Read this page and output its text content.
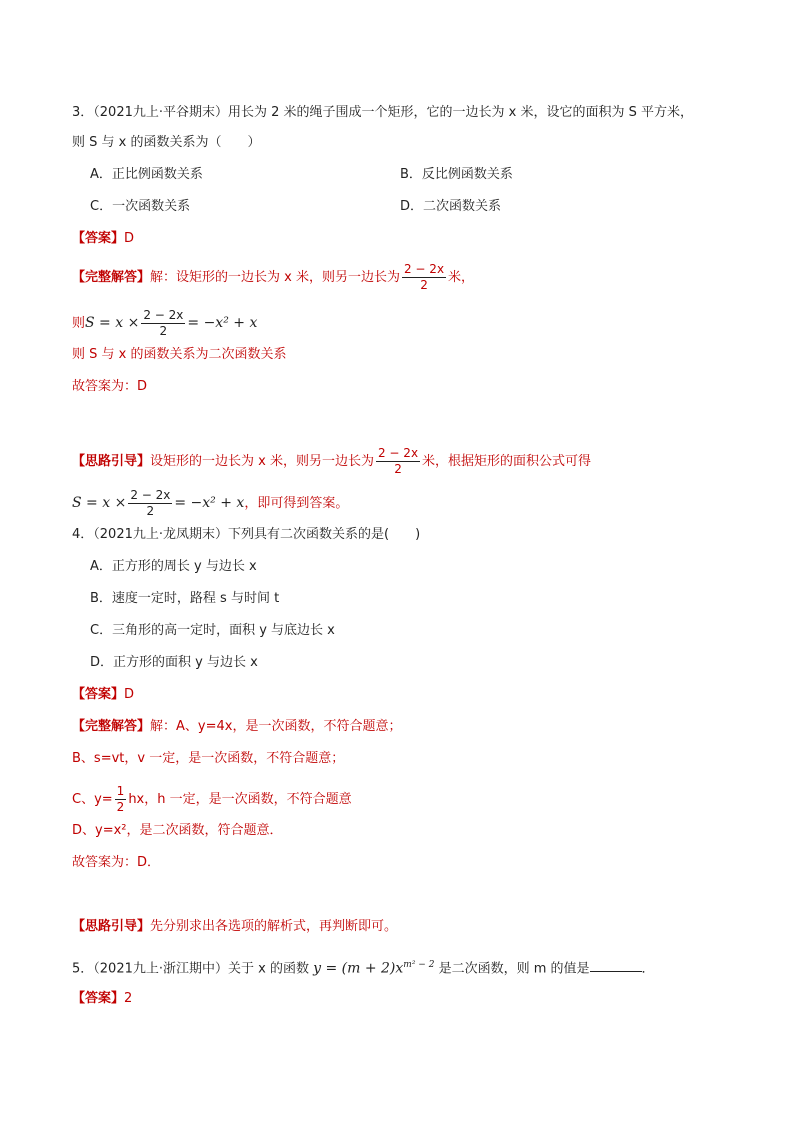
3．（2021九上·平谷期末）用长为 2 米的绳子围成一个矩形，它的一边长为 x 米，设它的面积为 S 平方米，
则 S 与 x 的函数关系为（　　）
A．正比例函数关系	B．反比例函数关系
C．一次函数关系	D．二次函数关系
【答案】D
【完整解答】解：设矩形的一边长为 x 米，则另一边长为 $\frac{2 - 2x}{2}$ 米，
则$S = x \times \frac{2 - 2x}{2} = -x^2 + x$
则 S 与 x 的函数关系为二次函数关系
故答案为：D
【思路引导】设矩形的一边长为 x 米，则另一边长为 $\frac{2 - 2x}{2}$ 米，根据矩形的面积公式可得
$S = x \times \frac{2 - 2x}{2} = -x^2 + x$，即可得到答案。
4．（2021九上·龙凤期末）下列具有二次函数关系的是(　　)
A．正方形的周长 y 与边长 x
B．速度一定时，路程 s 与时间 t
C．三角形的高一定时，面积 y 与底边长 x
D．正方形的面积 y 与边长 x
【答案】D
【完整解答】解：A、y=4x，是一次函数，不符合题意；
B、s=vt，v 一定，是一次函数，不符合题意；
C、$y= \frac{1}{2}$ hx，h 一定，是一次函数，不符合题意
D、y=x²，是二次函数，符合题意．
故答案为：D．
【思路引导】先分别求出各选项的解析式，再判断即可。
5．（2021九上·浙江期中）关于 x 的函数 $y = (m + 2)x^{m^2 - 2}$ 是二次函数，则 m 的值是	．
【答案】2
